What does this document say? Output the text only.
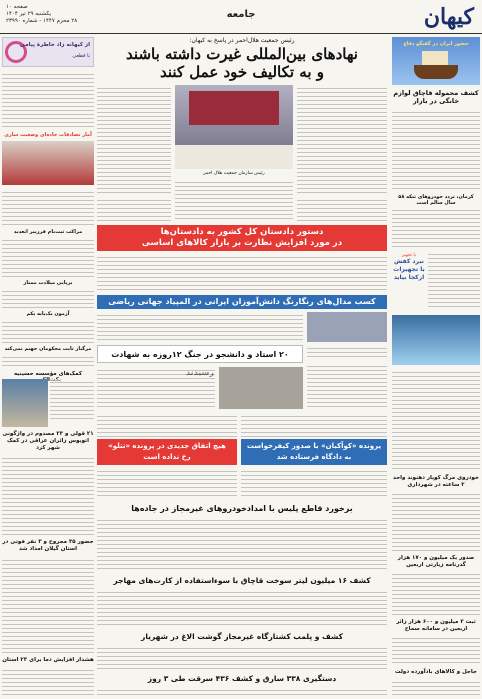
کیهان
جامعه
صفحه ۱۰
یکشنبه ۲۹ تیر ۱۴۰۴
۲۸ محرم ۱۴۴۷ - شماره ۲۳۹۹۰
حضور ایران در گفتگو دفاع
کشف محموله قاچاق لوازم خانگی در بازار
کرمان، تردد خودروهای تنکه ۵۸ سال سالم است
با تجهیز
نبرد کفش با تجهیزات ازکجا بیاید
خودروی مرگ کوپار دهنوند واحد ۲ ساعته در شهرداری
صدور یک میلیون و ۱۷۰ هزار گذرنامه زیارتی اربعین
ثبت ۲ میلیون و ۶۰۰ هزار زائر اربعین در سامانه سماح
جاجل و کالاهای بادآورده دولت
رئیس جمعیت هلال‌احمر در پاسخ به کیهان:
نهادهای بین‌المللی غیرت داشته باشند
و به تکالیف خود عمل کنند
رئیس سازمان جمعیت هلال احمر
دستور دادستان کل کشور به دادستان‌ها
در مورد افزایش نظارت بر بازار کالاهای اساسی
کسب مدال‌های رنگارنگ دانش‌آموزان ایرانی در المپیاد جهانی ریاضی
۲۰ استاد و دانشجو در جنگ ۱۲روزه به شهادت
هیچ اتفاق جدیدی در پرونده «تتلو»
رخ نداده است
پرونده «کوآکبان» با صدور کیفرخواست
به دادگاه فرستاده شد
برخورد قاطع پلیس با امدادخودروهای غیرمجاز در جاده‌ها
کشف ۱۶ میلیون لیتر سوخت قاچاق با سوءاستفاده از کارت‌های مهاجر
کشف و پلمب کشتارگاه غیرمجاز گوشت الاغ در شهریار
دستگیری ۳۳۸ سارق و کشف ۴۳۶ سرقت طی ۳ روز
از کیهانه زاد خاطرهٔ پیامی
تا قطعی
آمار تصادفات جاده‌ای وضعیت ساری
مراکب ثبت‌نام فرزیبر اتعدید
برپایی میلادت ممتاز
آزمون یک‌پایه یکم
مرگبار ثابت محکومان جهنم نمی‌کند
کمک‌های مؤسسه حسینیه
۲۱ قولی و ۲۳ مصدوم در واژگونی اتوبوس زائران عراقی در کمک‌ شهر کرد
حضور ۳۵ مجروح و ۳ نفر فوتی در استان گیلان امداد شد
هشدار افزایش دما برای ۲۳ استان
